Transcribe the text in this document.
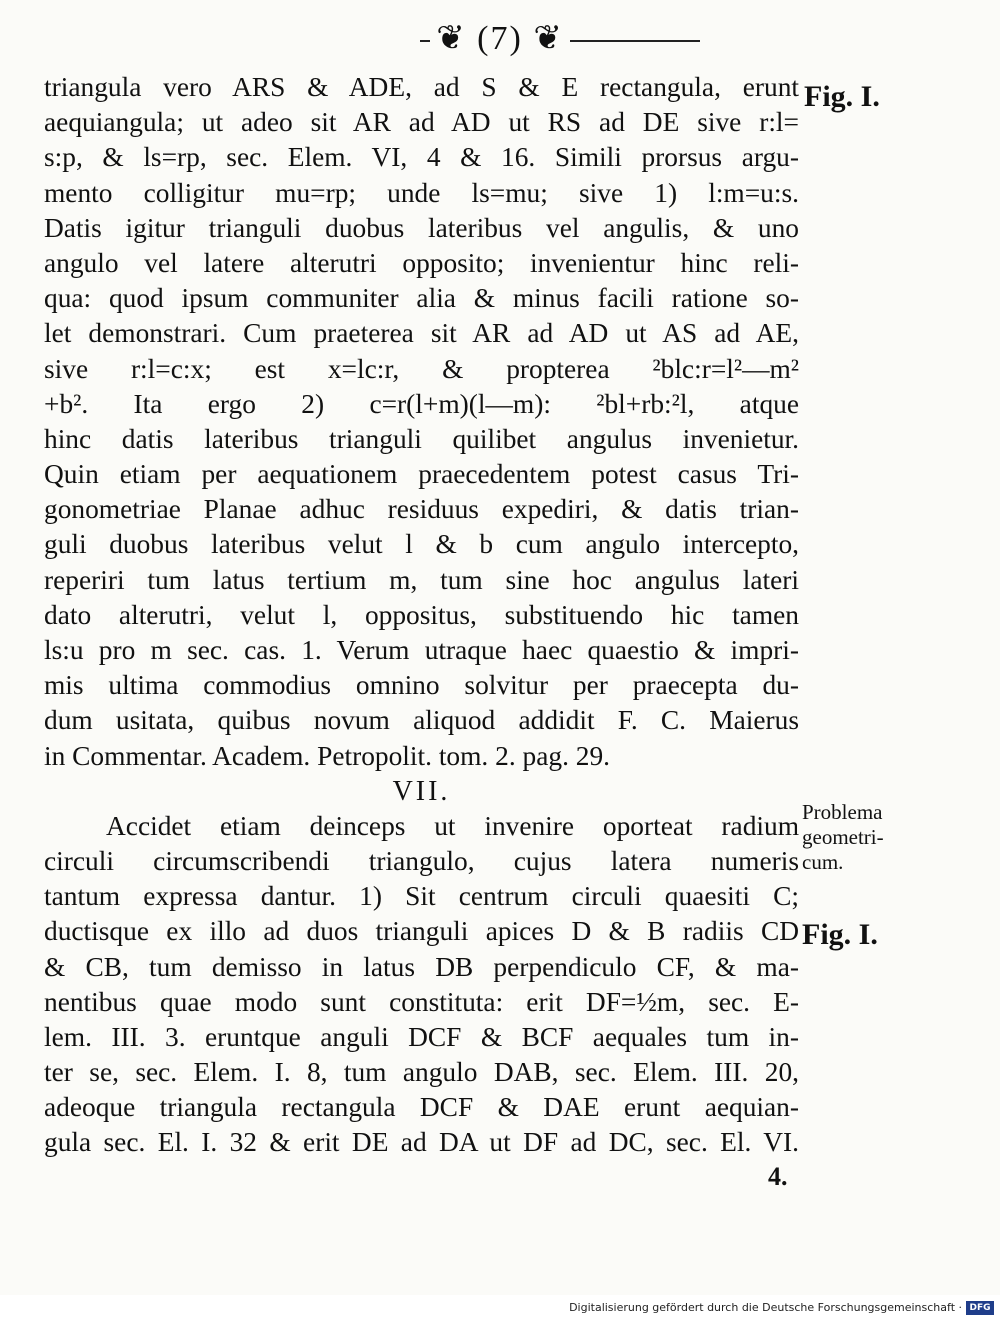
❦ (7) ❦
triangula vero ARS & ADE, ad S & E rectangula, erunt
aequiangula; ut adeo sit AR ad AD ut RS ad DE sive r:l=
s:p, & ls=rp, sec. Elem. VI, 4 & 16. Simili prorsus argu-
mento colligitur mu=rp; unde ls=mu; sive 1) l:m=u:s.
Datis igitur trianguli duobus lateribus vel angulis, & uno
angulo vel latere alterutri opposito; invenientur hinc reli-
qua: quod ipsum communiter alia & minus facili ratione so-
let demonstrari. Cum praeterea sit AR ad AD ut AS ad AE,
sive r:l=c:x; est x=lc:r, & propterea ²blc:r=l²—m²
+b². Ita ergo 2) c=r(l+m)(l—m): ²bl+rb:²l, atque
hinc datis lateribus trianguli quilibet angulus invenietur.
Quin etiam per aequationem praecedentem potest casus Tri-
gonometriae Planae adhuc residuus expediri, & datis trian-
guli duobus lateribus velut l & b cum angulo intercepto,
reperiri tum latus tertium m, tum sine hoc angulus lateri
dato alterutri, velut l, oppositus, substituendo hic tamen
ls:u pro m sec. cas. 1. Verum utraque haec quaestio & impri-
mis ultima commodius omnino solvitur per praecepta du-
dum usitata, quibus novum aliquod addidit F. C. Maierus
in Commentar. Academ. Petropolit. tom. 2. pag. 29.
VII.
Accidet etiam deinceps ut invenire oporteat radium
circuli circumscribendi triangulo, cujus latera numeris
tantum expressa dantur. 1) Sit centrum circuli quaesiti C;
ductisque ex illo ad duos trianguli apices D & B radiis CD
& CB, tum demisso in latus DB perpendiculo CF, & ma-
nentibus quae modo sunt constituta: erit DF=½m, sec. E-
lem. III. 3. eruntque anguli DCF & BCF aequales tum in-
ter se, sec. Elem. I. 8, tum angulo DAB, sec. Elem. III. 20,
adeoque triangula rectangula DCF & DAE erunt aequian-
gula sec. El. I. 32 & erit DE ad DA ut DF ad DC, sec. El. VI.
Fig. I.
Problema
geometri-
cum.
Fig. I.
4.
Digitalisierung gefördert durch die Deutsche Forschungsgemeinschaft · DFG
